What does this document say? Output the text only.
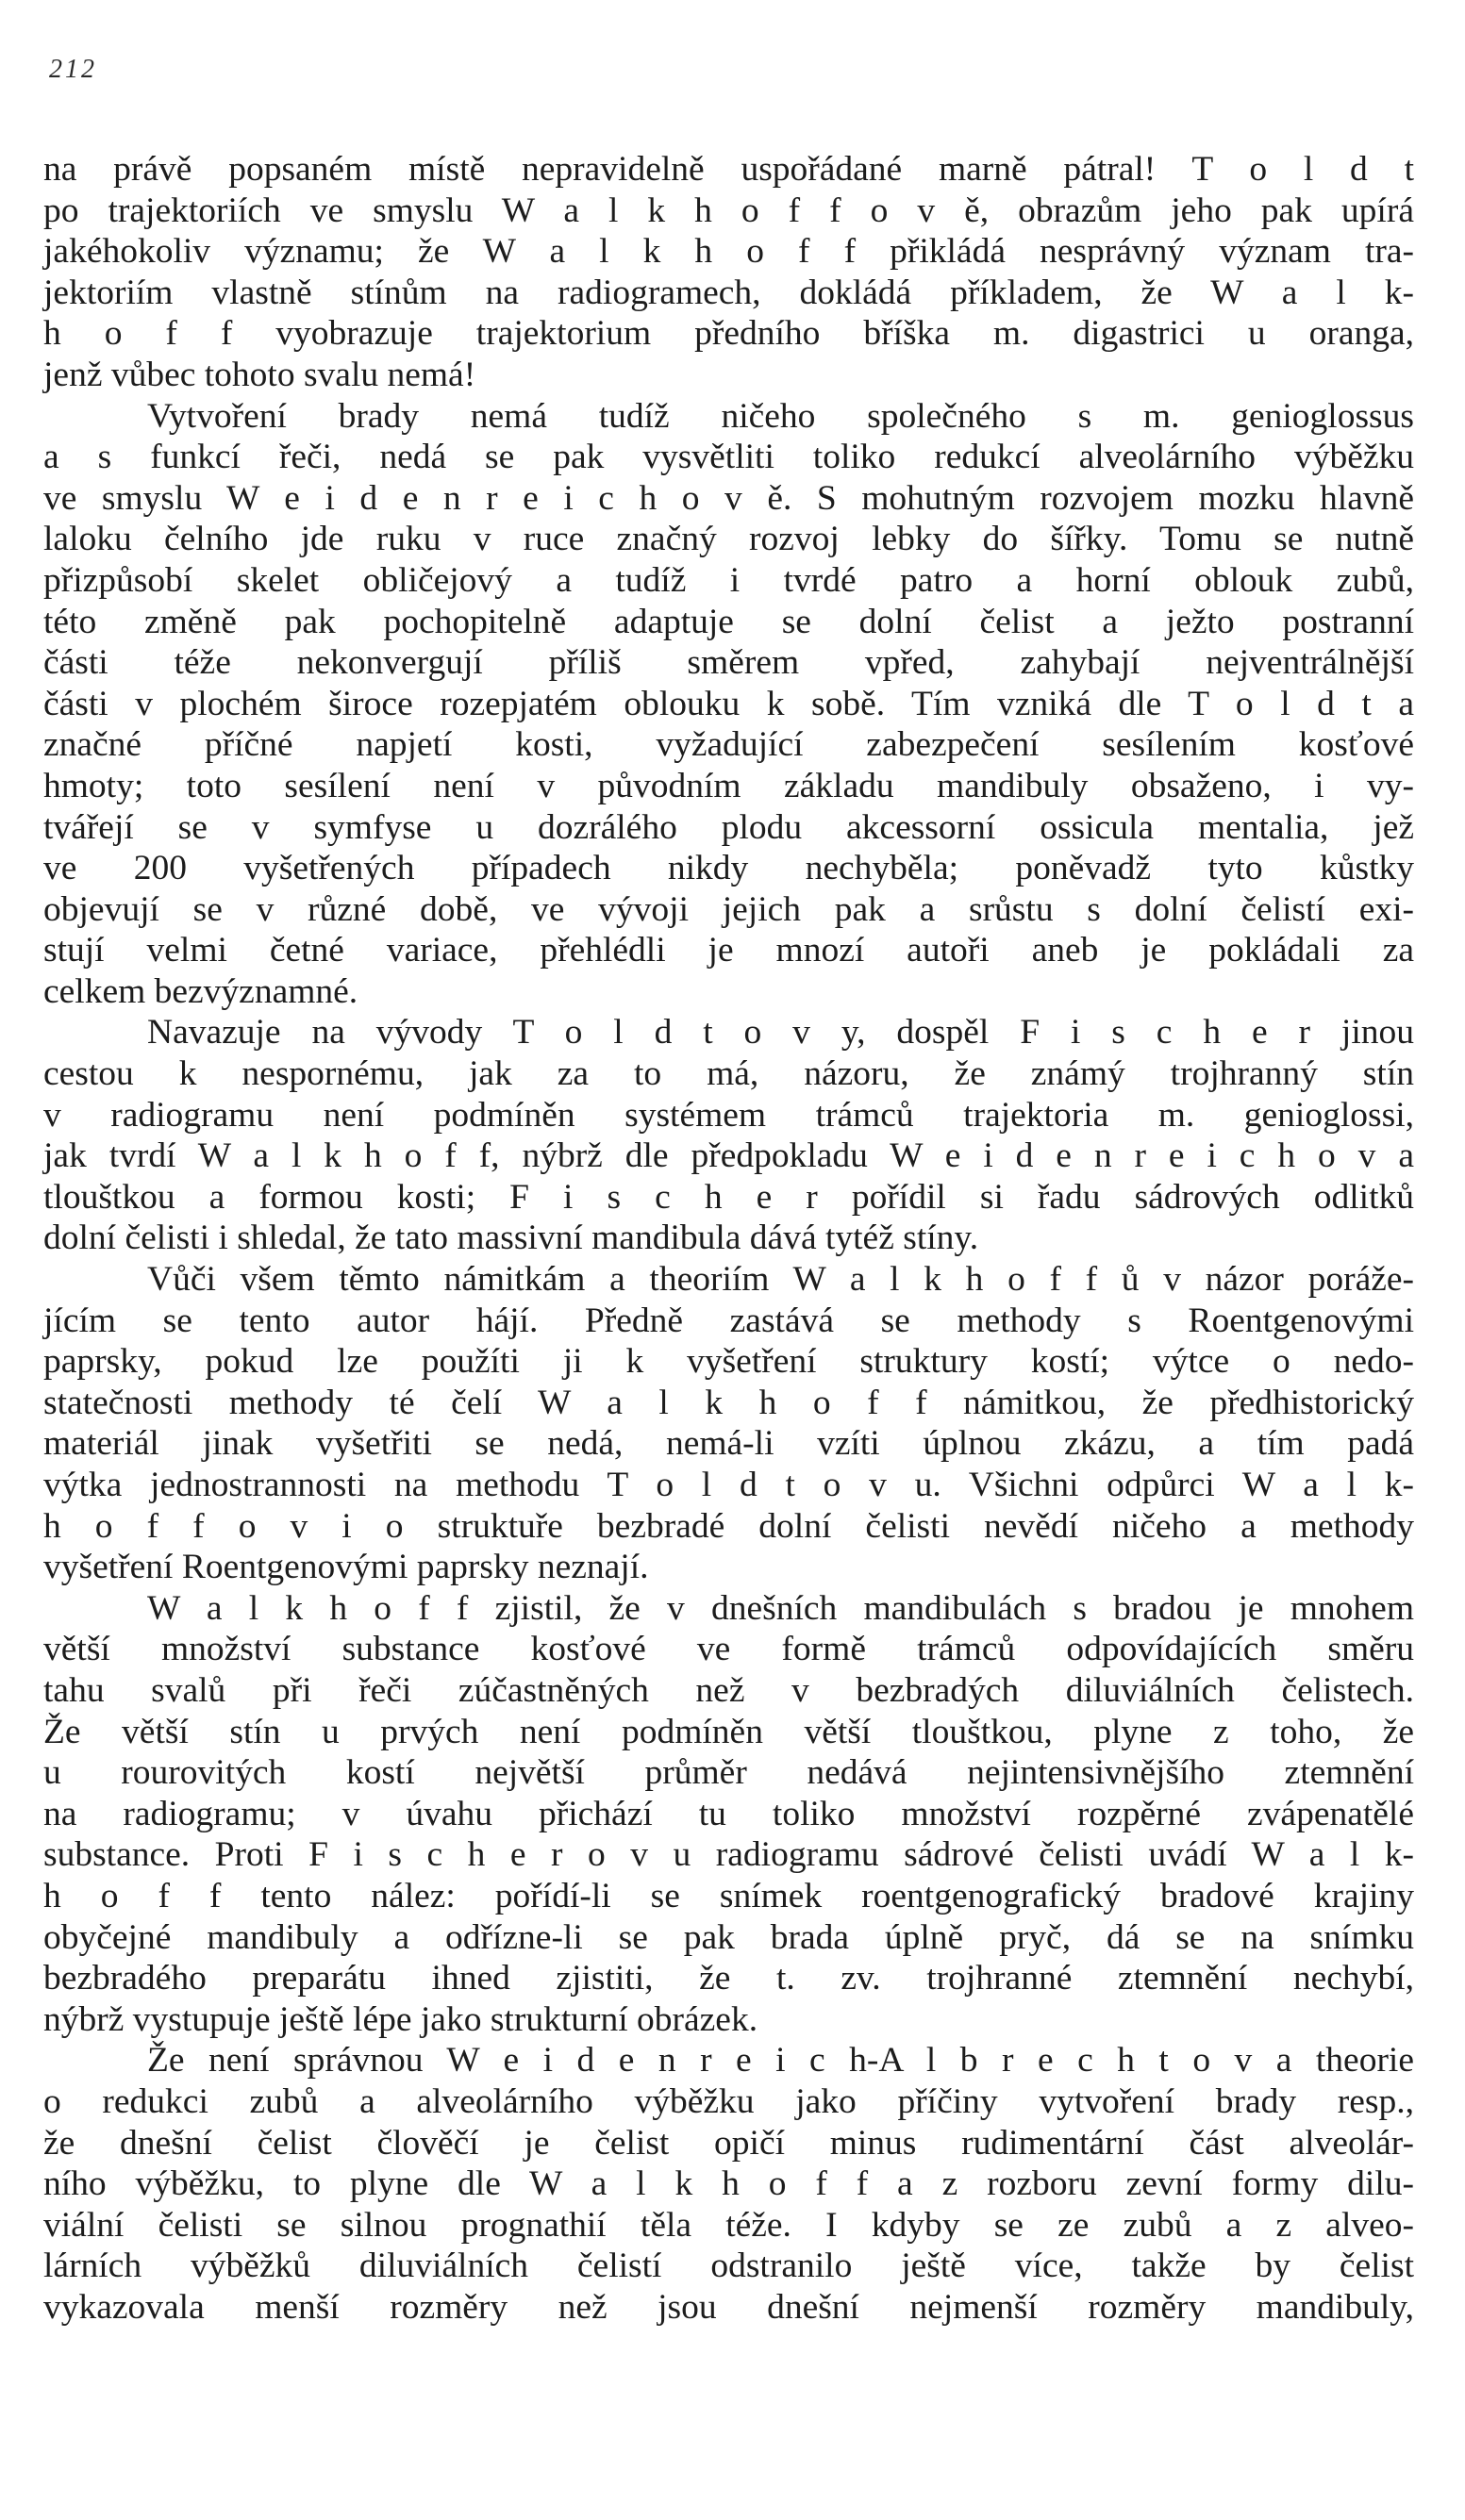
212
na právě popsaném místě nepravidelně uspořádané marně pátral! T o l d t
po trajektoriích ve smyslu W a l k h o f f o v ě, obrazům jeho pak upírá
jakéhokoliv významu; že W a l k h o f f přikládá nesprávný význam tra-
jektoriím vlastně stínům na radiogramech, dokládá příkladem, že W a l k-
h o f f vyobrazuje trajektorium předního bříška m. digastrici u oranga,
jenž vůbec tohoto svalu nemá!
Vytvoření brady nemá tudíž ničeho společného s m. genioglossus
a s funkcí řeči, nedá se pak vysvětliti toliko redukcí alveolárního výběžku
ve smyslu W e i d e n r e i c h o v ě. S mohutným rozvojem mozku hlavně
laloku čelního jde ruku v ruce značný rozvoj lebky do šířky. Tomu se nutně
přizpůsobí skelet obličejový a tudíž i tvrdé patro a horní oblouk zubů,
této změně pak pochopitelně adaptuje se dolní čelist a ježto postranní
části téže nekonvergují příliš směrem vpřed, zahybají nejventrálnější
části v plochém široce rozepjatém oblouku k sobě. Tím vzniká dle T o l d t a
značné příčné napjetí kosti, vyžadující zabezpečení sesílením kosťové
hmoty; toto sesílení není v původním základu mandibuly obsaženo, i vy-
tvářejí se v symfyse u dozrálého plodu akcessorní ossicula mentalia, jež
ve 200 vyšetřených případech nikdy nechyběla; poněvadž tyto kůstky
objevují se v různé době, ve vývoji jejich pak a srůstu s dolní čelistí exi-
stují velmi četné variace, přehlédli je mnozí autoři aneb je pokládali za
celkem bezvýznamné.
Navazuje na vývody T o l d t o v y, dospěl F i s c h e r jinou
cestou k nespornému, jak za to má, názoru, že známý trojhranný stín
v radiogramu není podmíněn systémem trámců trajektoria m. genioglossi,
jak tvrdí W a l k h o f f, nýbrž dle předpokladu W e i d e n r e i c h o v a
tlouštkou a formou kosti; F i s c h e r pořídil si řadu sádrových odlitků
dolní čelisti i shledal, že tato massivní mandibula dává tytéž stíny.
Vůči všem těmto námitkám a theoriím W a l k h o f f ů v názor poráže-
jícím se tento autor hájí. Předně zastává se methody s Roentgenovými
paprsky, pokud lze použíti ji k vyšetření struktury kostí; výtce o nedo-
statečnosti methody té čelí W a l k h o f f námitkou, že předhistorický
materiál jinak vyšetřiti se nedá, nemá-li vzíti úplnou zkázu, a tím padá
výtka jednostrannosti na methodu T o l d t o v u. Všichni odpůrci W a l k-
h o f f o v i o struktuře bezbradé dolní čelisti nevědí ničeho a methody
vyšetření Roentgenovými paprsky neznají.
W a l k h o f f zjistil, že v dnešních mandibulách s bradou je mnohem
větší množství substance kosťové ve formě trámců odpovídajících směru
tahu svalů při řeči zúčastněných než v bezbradých diluviálních čelistech.
Že větší stín u prvých není podmíněn větší tlouštkou, plyne z toho, že
u rourovitých kostí největší průměr nedává nejintensivnějšího ztemnění
na radiogramu; v úvahu přichází tu toliko množství rozpěrné zvápenatělé
substance. Proti F i s c h e r o v u radiogramu sádrové čelisti uvádí W a l k-
h o f f tento nález: pořídí-li se snímek roentgenografický bradové krajiny
obyčejné mandibuly a odřízne-li se pak brada úplně pryč, dá se na snímku
bezbradého preparátu ihned zjistiti, že t. zv. trojhranné ztemnění nechybí,
nýbrž vystupuje ještě lépe jako strukturní obrázek.
Že není správnou W e i d e n r e i c h-A l b r e c h t o v a theorie
o redukci zubů a alveolárního výběžku jako příčiny vytvoření brady resp.,
že dnešní čelist člověčí je čelist opičí minus rudimentární část alveolár-
ního výběžku, to plyne dle W a l k h o f f a z rozboru zevní formy dilu-
viální čelisti se silnou prognathií těla téže. I kdyby se ze zubů a z alveo-
lárních výběžků diluviálních čelistí odstranilo ještě více, takže by čelist
vykazovala menší rozměry než jsou dnešní nejmenší rozměry mandibuly,
